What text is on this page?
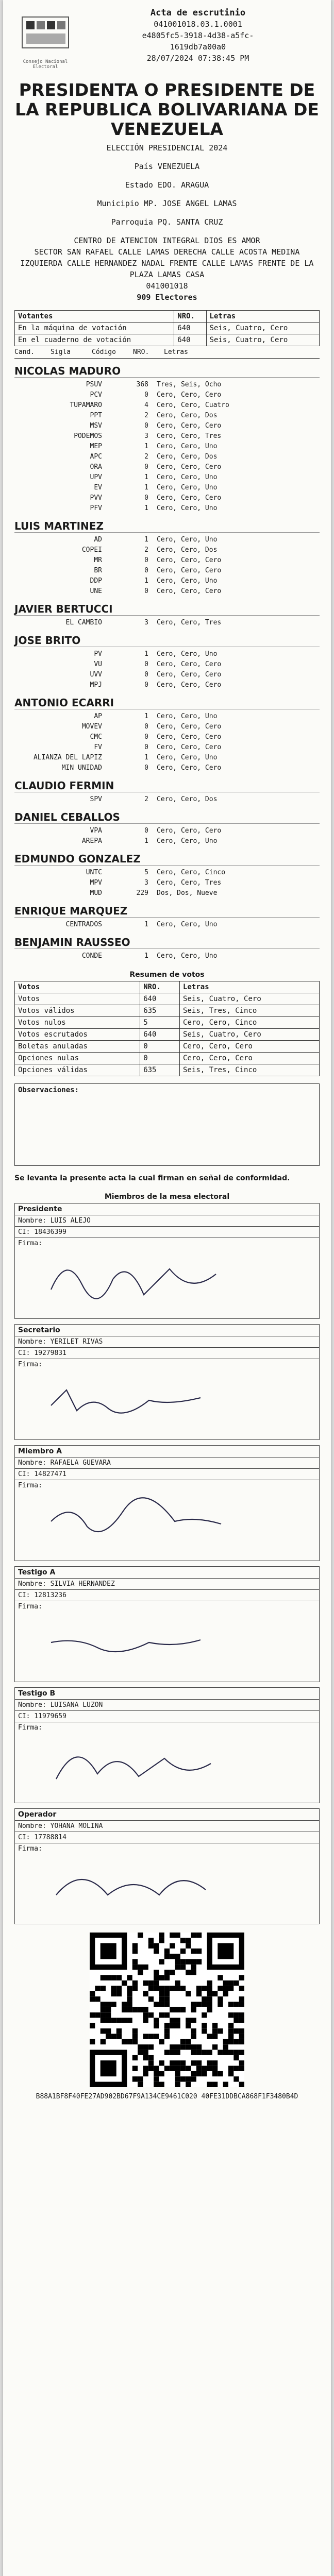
Consejo Nacional Electoral
Acta de escrutinio
041001018.03.1.0001
e4805fc5-3918-4d38-a5fc-
1619db7a00a0
28/07/2024 07:38:45 PM
PRESIDENTA O PRESIDENTE DE LA REPUBLICA BOLIVARIANA DE VENEZUELA
ELECCIÓN PRESIDENCIAL 2024
País VENEZUELA
Estado EDO. ARAGUA
Municipio MP. JOSE ANGEL LAMAS
Parroquia PQ. SANTA CRUZ
CENTRO DE ATENCION INTEGRAL DIOS ES AMOR
SECTOR SAN RAFAEL CALLE LAMAS DERECHA CALLE ACOSTA MEDINA IZQUIERDA CALLE HERNANDEZ NADAL FRENTE CALLE LAMAS FRENTE DE LA PLAZA LAMAS CASA
041001018
909 Electores
Votantes	NRO.	Letras
En la máquina de votación	640	Seis, Cuatro, Cero
En el cuaderno de votación	640	Seis, Cuatro, Cero
Cand.	Sigla	Código	NRO.	Letras
NICOLAS MADURO
PSUV	368	Tres, Seis, Ocho
PCV	0	Cero, Cero, Cero
TUPAMARO	4	Cero, Cero, Cuatro
PPT	2	Cero, Cero, Dos
MSV	0	Cero, Cero, Cero
PODEMOS	3	Cero, Cero, Tres
MEP	1	Cero, Cero, Uno
APC	2	Cero, Cero, Dos
ORA	0	Cero, Cero, Cero
UPV	1	Cero, Cero, Uno
EV	1	Cero, Cero, Uno
PVV	0	Cero, Cero, Cero
PFV	1	Cero, Cero, Uno
LUIS MARTINEZ
AD	1	Cero, Cero, Uno
COPEI	2	Cero, Cero, Dos
MR	0	Cero, Cero, Cero
BR	0	Cero, Cero, Cero
DDP	1	Cero, Cero, Uno
UNE	0	Cero, Cero, Cero
JAVIER BERTUCCI
EL CAMBIO	3	Cero, Cero, Tres
JOSE BRITO
PV	1	Cero, Cero, Uno
VU	0	Cero, Cero, Cero
UVV	0	Cero, Cero, Cero
MPJ	0	Cero, Cero, Cero
ANTONIO ECARRI
AP	1	Cero, Cero, Uno
MOVEV	0	Cero, Cero, Cero
CMC	0	Cero, Cero, Cero
FV	0	Cero, Cero, Cero
ALIANZA DEL LAPIZ	1	Cero, Cero, Uno
MIN UNIDAD	0	Cero, Cero, Cero
CLAUDIO FERMIN
SPV	2	Cero, Cero, Dos
DANIEL CEBALLOS
VPA	0	Cero, Cero, Cero
AREPA	1	Cero, Cero, Uno
EDMUNDO GONZALEZ
UNTC	5	Cero, Cero, Cinco
MPV	3	Cero, Cero, Tres
MUD	229	Dos, Dos, Nueve
ENRIQUE MARQUEZ
CENTRADOS	1	Cero, Cero, Uno
BENJAMIN RAUSSEO
CONDE	1	Cero, Cero, Uno
Resumen de votos
Votos	NRO.	Letras
Votos	640	Seis, Cuatro, Cero
Votos válidos	635	Seis, Tres, Cinco
Votos nulos	5	Cero, Cero, Cinco
Votos escrutados	640	Seis, Cuatro, Cero
Boletas anuladas	0	Cero, Cero, Cero
Opciones nulas	0	Cero, Cero, Cero
Opciones válidas	635	Seis, Tres, Cinco
Observaciones:
Se levanta la presente acta la cual firman en señal de conformidad.
Miembros de la mesa electoral
Presidente
Nombre: LUIS ALEJO
CI: 18436399
Firma:
Secretario
Nombre: YERILET RIVAS
CI: 19279831
Firma:
Miembro A
Nombre: RAFAELA GUEVARA
CI: 14827471
Firma:
Testigo A
Nombre: SILVIA HERNANDEZ
CI: 12813236
Firma:
Testigo B
Nombre: LUISANA LUZON
CI: 11979659
Firma:
Operador
Nombre: YOHANA MOLINA
CI: 17788814
Firma:
B88A1BF8F40FE27AD902BD67F9A134CE9461C020 40FE31DDBCA868F1F3480B4D
